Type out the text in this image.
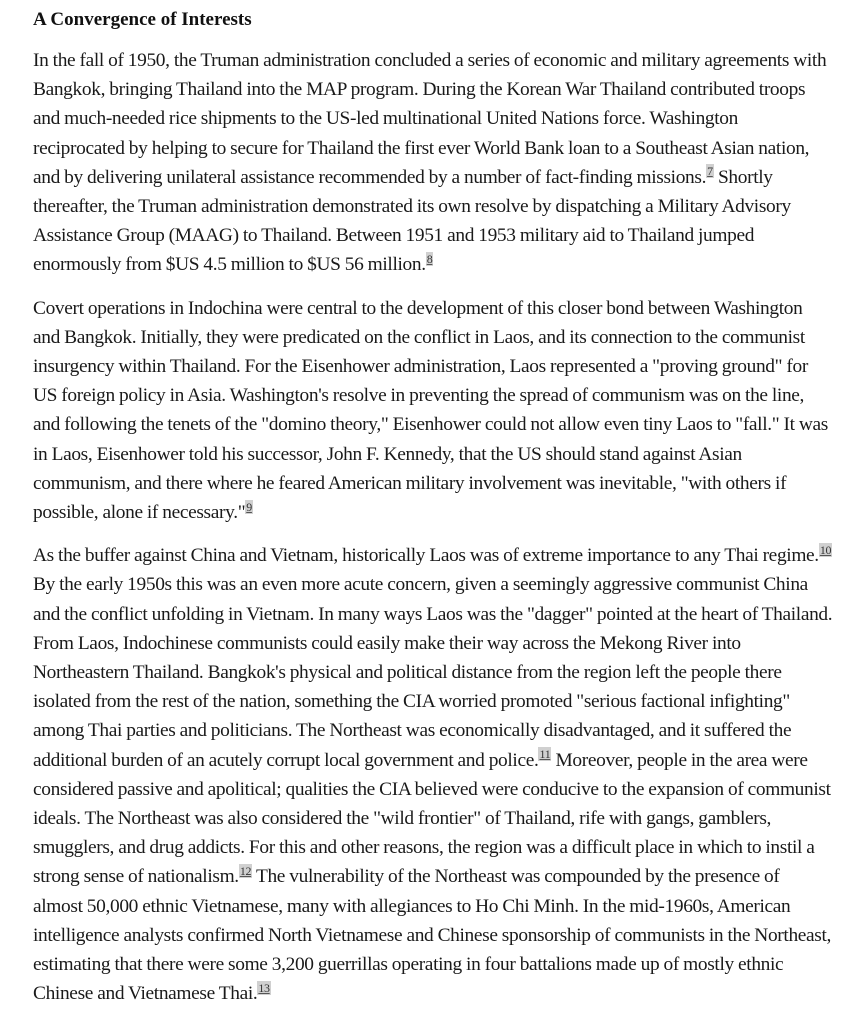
A Convergence of Interests

In the fall of 1950, the Truman administration concluded a series of economic and military agreements with Bangkok, bringing Thailand into the MAP program. During the Korean War Thailand contributed troops and much-needed rice shipments to the US-led multinational United Nations force. Washington reciprocated by helping to secure for Thailand the first ever World Bank loan to a Southeast Asian nation, and by delivering unilateral assistance recommended by a number of fact-finding missions.$^7$ Shortly thereafter, the Truman administration demonstrated its own resolve by dispatching a Military Advisory Assistance Group (MAAG) to Thailand. Between 1951 and 1953 military aid to Thailand jumped enormously from $US 4.5 million to $US 56 million.$^8$

Covert operations in Indochina were central to the development of this closer bond between Washington and Bangkok. Initially, they were predicated on the conflict in Laos, and its connection to the communist insurgency within Thailand. For the Eisenhower administration, Laos represented a "proving ground" for US foreign policy in Asia. Washington's resolve in preventing the spread of communism was on the line, and following the tenets of the "domino theory," Eisenhower could not allow even tiny Laos to "fall." It was in Laos, Eisenhower told his successor, John F. Kennedy, that the US should stand against Asian communism, and there where he feared American military involvement was inevitable, "with others if possible, alone if necessary."$^9$

As the buffer against China and Vietnam, historically Laos was of extreme importance to any Thai regime.$^{10}$ By the early 1950s this was an even more acute concern, given a seemingly aggressive communist China and the conflict unfolding in Vietnam. In many ways Laos was the "dagger" pointed at the heart of Thailand. From Laos, Indochinese communists could easily make their way across the Mekong River into Northeastern Thailand. Bangkok's physical and political distance from the region left the people there isolated from the rest of the nation, something the CIA worried promoted "serious factional infighting" among Thai parties and politicians. The Northeast was economically disadvantaged, and it suffered the additional burden of an acutely corrupt local government and police.$^{11}$ Moreover, people in the area were considered passive and apolitical; qualities the CIA believed were conducive to the expansion of communist ideals. The Northeast was also considered the "wild frontier" of Thailand, rife with gangs, gamblers, smugglers, and drug addicts. For this and other reasons, the region was a difficult place in which to instil a strong sense of nationalism.$^{12}$ The vulnerability of the Northeast was compounded by the presence of almost 50,000 ethnic Vietnamese, many with allegiances to Ho Chi Minh. In the mid-1960s, American intelligence analysts confirmed North Vietnamese and Chinese sponsorship of communists in the Northeast, estimating that there were some 3,200 guerrillas operating in four battalions made up of mostly ethnic Chinese and Vietnamese Thai.$^{13}$
